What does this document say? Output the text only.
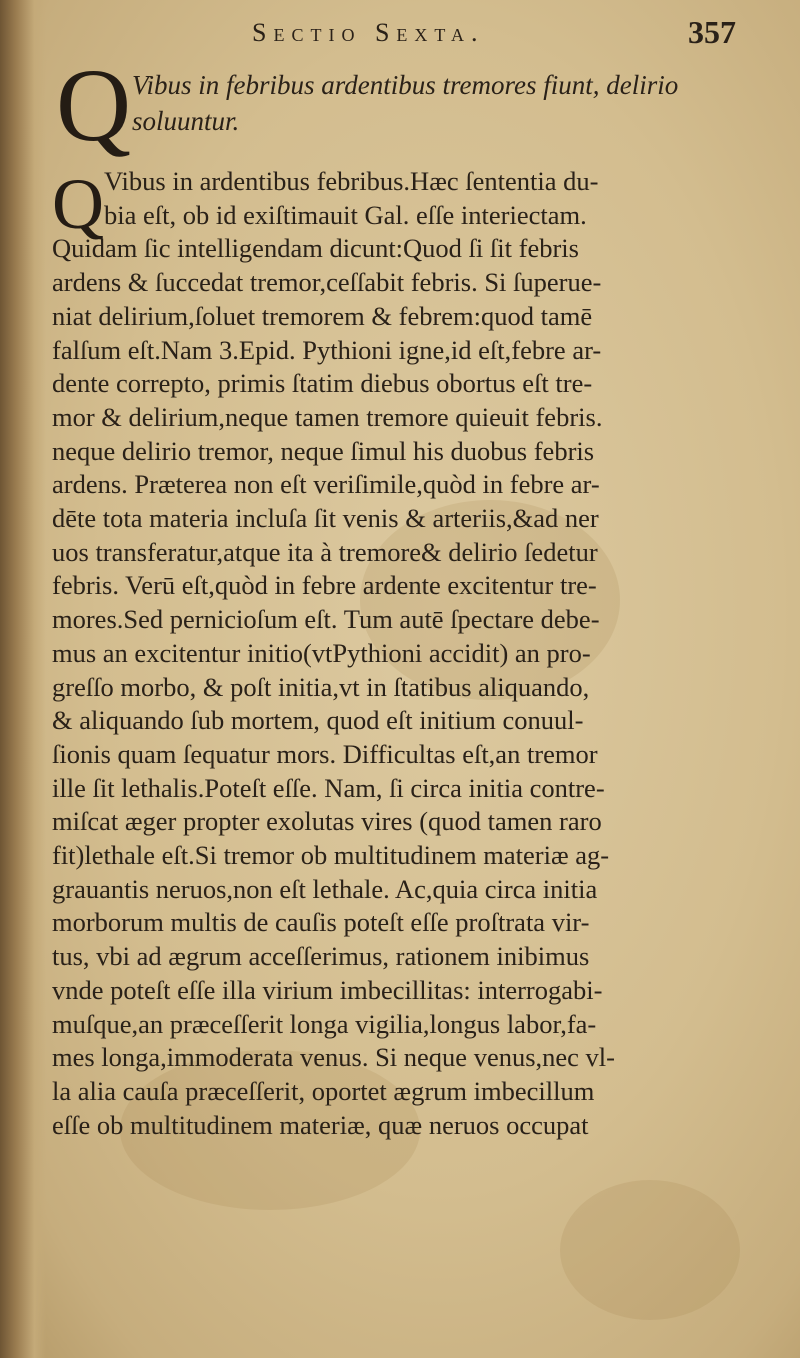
Sectio Sexta.	357
Q Vibus in febribus ardentibus tremores fiunt, delirio
soluuntur.
Q Vibus in ardentibus febribus.Hæc ſententia du-
bia eſt, ob id exiſtimauit Gal. eſſe interiectam.
Quidam ſic intelligendam dicunt:Quod ſi ſit febris
ardens & ſuccedat tremor,ceſſabit febris. Si ſuperue-
niat delirium,ſoluet tremorem & febrem:quod tamē
falſum eſt.Nam 3.Epid. Pythioni igne,id eſt,febre ar-
dente correpto, primis ſtatim diebus obortus eſt tre-
mor & delirium,neque tamen tremore quieuit febris.
neque delirio tremor, neque ſimul his duobus febris
ardens. Præterea non eſt veriſimile,quòd in febre ar-
dēte tota materia incluſa ſit venis & arteriis,&ad ner
uos transferatur,atque ita à tremore& delirio ſedetur
febris. Verū eſt,quòd in febre ardente excitentur tre-
mores.Sed pernicioſum eſt. Tum autē ſpectare debe-
mus an excitentur initio(vtPythioni accidit) an pro-
greſſo morbo, & poſt initia,vt in ſtatibus aliquando,
& aliquando ſub mortem, quod eſt initium conuul-
ſionis quam ſequatur mors. Difficultas eſt,an tremor
ille ſit lethalis.Poteſt eſſe. Nam, ſi circa initia contre-
miſcat æger propter exolutas vires (quod tamen raro
fit)lethale eſt.Si tremor ob multitudinem materiæ ag-
grauantis neruos,non eſt lethale. Ac,quia circa initia
morborum multis de cauſis poteſt eſſe proſtrata vir-
tus, vbi ad ægrum acceſſerimus, rationem inibimus
vnde poteſt eſſe illa virium imbecillitas: interrogabi-
muſque,an præceſſerit longa vigilia,longus labor,fa-
mes longa,immoderata venus. Si neque venus,nec vl-
la alia cauſa præceſſerit, oportet ægrum imbecillum
eſſe ob multitudinem materiæ, quæ neruos occupat
